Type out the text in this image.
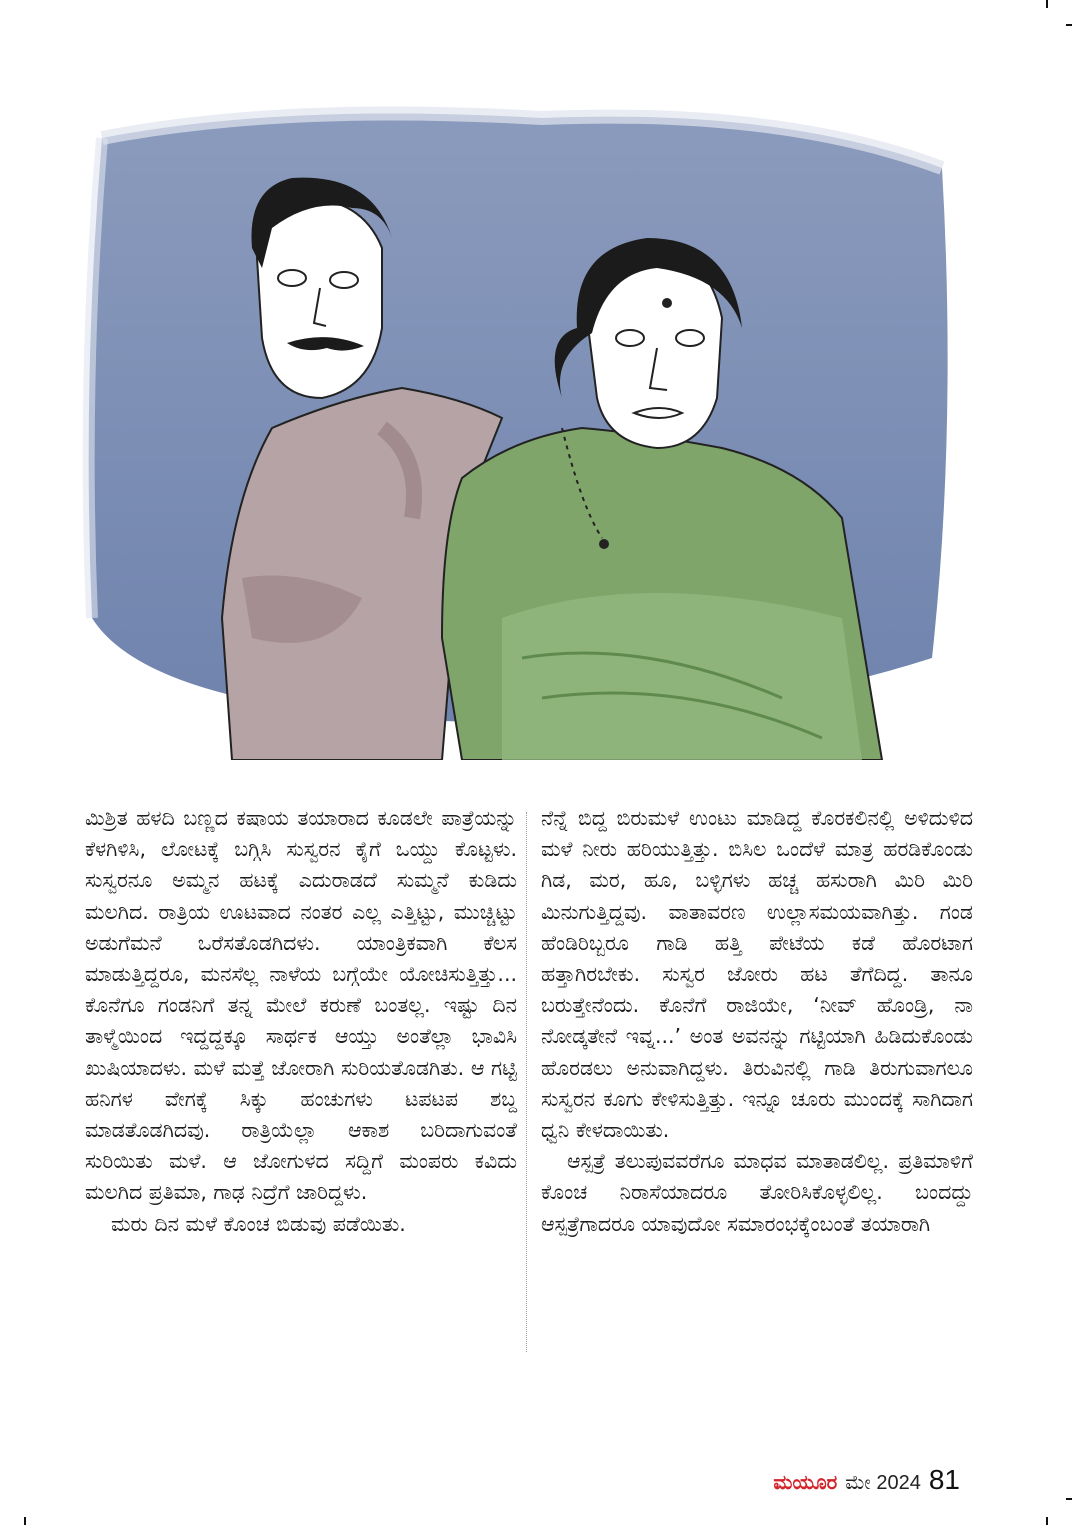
ಮಿಶ್ರಿತ ಹಳದಿ ಬಣ್ಣದ ಕಷಾಯ ತಯಾರಾದ ಕೂಡಲೇ ಪಾತ್ರೆಯನ್ನು ಕೆಳಗಿಳಿಸಿ, ಲೋಟಕ್ಕೆ ಬಗ್ಗಿಸಿ ಸುಸ್ವರನ ಕೈಗೆ ಒಯ್ದು ಕೊಟ್ಟಳು. ಸುಸ್ವರನೂ ಅಮ್ಮನ ಹಟಕ್ಕೆ ಎದುರಾಡದೆ ಸುಮ್ಮನೆ ಕುಡಿದು ಮಲಗಿದ. ರಾತ್ರಿಯ ಊಟವಾದ ನಂತರ ಎಲ್ಲ ಎತ್ತಿಟ್ಟು, ಮುಚ್ಚಿಟ್ಟು ಅಡುಗೆಮನೆ ಒರೆಸತೊಡಗಿದಳು. ಯಾಂತ್ರಿಕವಾಗಿ ಕೆಲಸ ಮಾಡುತ್ತಿದ್ದರೂ, ಮನಸೆಲ್ಲ ನಾಳೆಯ ಬಗ್ಗೆಯೇ ಯೋಚಿಸುತ್ತಿತ್ತು... ಕೊನೆಗೂ ಗಂಡನಿಗೆ ತನ್ನ ಮೇಲೆ ಕರುಣೆ ಬಂತಲ್ಲ. ಇಷ್ಟು ದಿನ ತಾಳ್ಮೆಯಿಂದ ಇದ್ದದ್ದಕ್ಕೂ ಸಾರ್ಥಕ ಆಯ್ತು ಅಂತೆಲ್ಲಾ ಭಾವಿಸಿ ಖುಷಿಯಾದಳು. ಮಳೆ ಮತ್ತೆ ಜೋರಾಗಿ ಸುರಿಯತೊಡಗಿತು. ಆ ಗಟ್ಟಿ ಹನಿಗಳ ವೇಗಕ್ಕೆ ಸಿಕ್ಕು ಹಂಚುಗಳು ಟಪಟಪ ಶಬ್ದ ಮಾಡತೊಡಗಿದವು. ರಾತ್ರಿಯೆಲ್ಲಾ ಆಕಾಶ ಬರಿದಾಗುವಂತೆ ಸುರಿಯಿತು ಮಳೆ. ಆ ಜೋಗುಳದ ಸದ್ದಿಗೆ ಮಂಪರು ಕವಿದು ಮಲಗಿದ ಪ್ರತಿಮಾ, ಗಾಢ ನಿದ್ರೆಗೆ ಜಾರಿದ್ದಳು.

ಮರು ದಿನ ಮಳೆ ಕೊಂಚ ಬಿಡುವು ಪಡೆಯಿತು.

ನೆನ್ನೆ ಬಿದ್ದ ಬಿರುಮಳೆ ಉಂಟು ಮಾಡಿದ್ದ ಕೊರಕಲಿನಲ್ಲಿ ಅಳಿದುಳಿದ ಮಳೆ ನೀರು ಹರಿಯುತ್ತಿತ್ತು. ಬಿಸಿಲ ಒಂದೆಳೆ ಮಾತ್ರ ಹರಡಿಕೊಂಡು ಗಿಡ, ಮರ, ಹೂ, ಬಳ್ಳಿಗಳು ಹಚ್ಚ ಹಸುರಾಗಿ ಮಿರಿ ಮಿರಿ ಮಿನುಗುತ್ತಿದ್ದವು. ವಾತಾವರಣ ಉಲ್ಲಾಸಮಯವಾಗಿತ್ತು. ಗಂಡ ಹೆಂಡಿರಿಬ್ಬರೂ ಗಾಡಿ ಹತ್ತಿ ಪೇಟೆಯ ಕಡೆ ಹೊರಟಾಗ ಹತ್ತಾಗಿರಬೇಕು. ಸುಸ್ವರ ಜೋರು ಹಟ ತೆಗೆದಿದ್ದ. ತಾನೂ ಬರುತ್ತೇನೆಂದು. ಕೊನೆಗೆ ರಾಜಿಯೇ, ‘ನೀವ್ ಹೊಂಡ್ರಿ, ನಾ ನೋಡ್ಕತೇನೆ ಇವ್ನ...’ ಅಂತ ಅವನನ್ನು ಗಟ್ಟಿಯಾಗಿ ಹಿಡಿದುಕೊಂಡು ಹೊರಡಲು ಅನುವಾಗಿದ್ದಳು. ತಿರುವಿನಲ್ಲಿ ಗಾಡಿ ತಿರುಗುವಾಗಲೂ ಸುಸ್ವರನ ಕೂಗು ಕೇಳಿಸುತ್ತಿತ್ತು. ಇನ್ನೂ ಚೂರು ಮುಂದಕ್ಕೆ ಸಾಗಿದಾಗ ಧ್ವನಿ ಕೇಳದಾಯಿತು.

ಆಸ್ಪತ್ರೆ ತಲುಪುವವರೆಗೂ ಮಾಧವ ಮಾತಾಡಲಿಲ್ಲ. ಪ್ರತಿಮಾಳಿಗೆ ಕೊಂಚ ನಿರಾಸೆಯಾದರೂ ತೋರಿಸಿಕೊಳ್ಳಲಿಲ್ಲ. ಬಂದದ್ದು ಆಸ್ಪತ್ರೆಗಾದರೂ ಯಾವುದೋ ಸಮಾರಂಭಕ್ಕೆಂಬಂತೆ ತಯಾರಾಗಿ

ಮಯೂರ ಮೇ 2024 81
